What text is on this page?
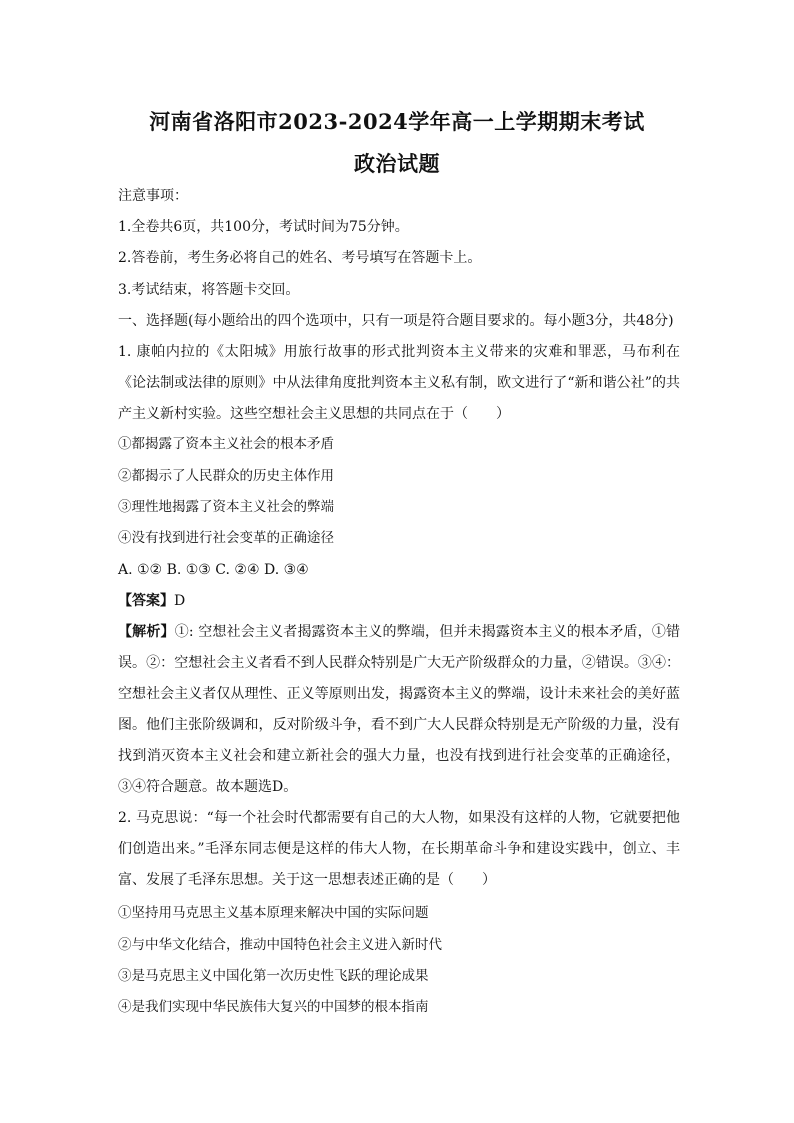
河南省洛阳市2023-2024学年高一上学期期末考试
政治试题
注意事项：
1.全卷共6页，共100分，考试时间为75分钟。
2.答卷前，考生务必将自己的姓名、考号填写在答题卡上。
3.考试结束，将答题卡交回。
一、选择题(每小题给出的四个选项中，只有一项是符合题目要求的。每小题3分，共48分)
1. 康帕内拉的《太阳城》用旅行故事的形式批判资本主义带来的灾难和罪恶，马布利在《论法制或法律的原则》中从法律角度批判资本主义私有制，欧文进行了“新和谐公社”的共产主义新村实验。这些空想社会主义思想的共同点在于（　　）
①都揭露了资本主义社会的根本矛盾
②都揭示了人民群众的历史主体作用
③理性地揭露了资本主义社会的弊端
④没有找到进行社会变革的正确途径
A. ①② B. ①③ C. ②④ D. ③④
【答案】D
【解析】①: 空想社会主义者揭露资本主义的弊端，但并未揭露资本主义的根本矛盾，①错误。②：空想社会主义者看不到人民群众特别是广大无产阶级群众的力量，②错误。③④：空想社会主义者仅从理性、正义等原则出发，揭露资本主义的弊端，设计未来社会的美好蓝图。他们主张阶级调和，反对阶级斗争，看不到广大人民群众特别是无产阶级的力量，没有找到消灭资本主义社会和建立新社会的强大力量，也没有找到进行社会变革的正确途径，③④符合题意。故本题选D。
2. 马克思说：“每一个社会时代都需要有自己的大人物，如果没有这样的人物，它就要把他们创造出来。”毛泽东同志便是这样的伟大人物，在长期革命斗争和建设实践中，创立、丰富、发展了毛泽东思想。关于这一思想表述正确的是（　　）
①坚持用马克思主义基本原理来解决中国的实际问题
②与中华文化结合，推动中国特色社会主义进入新时代
③是马克思主义中国化第一次历史性飞跃的理论成果
④是我们实现中华民族伟大复兴的中国梦的根本指南
